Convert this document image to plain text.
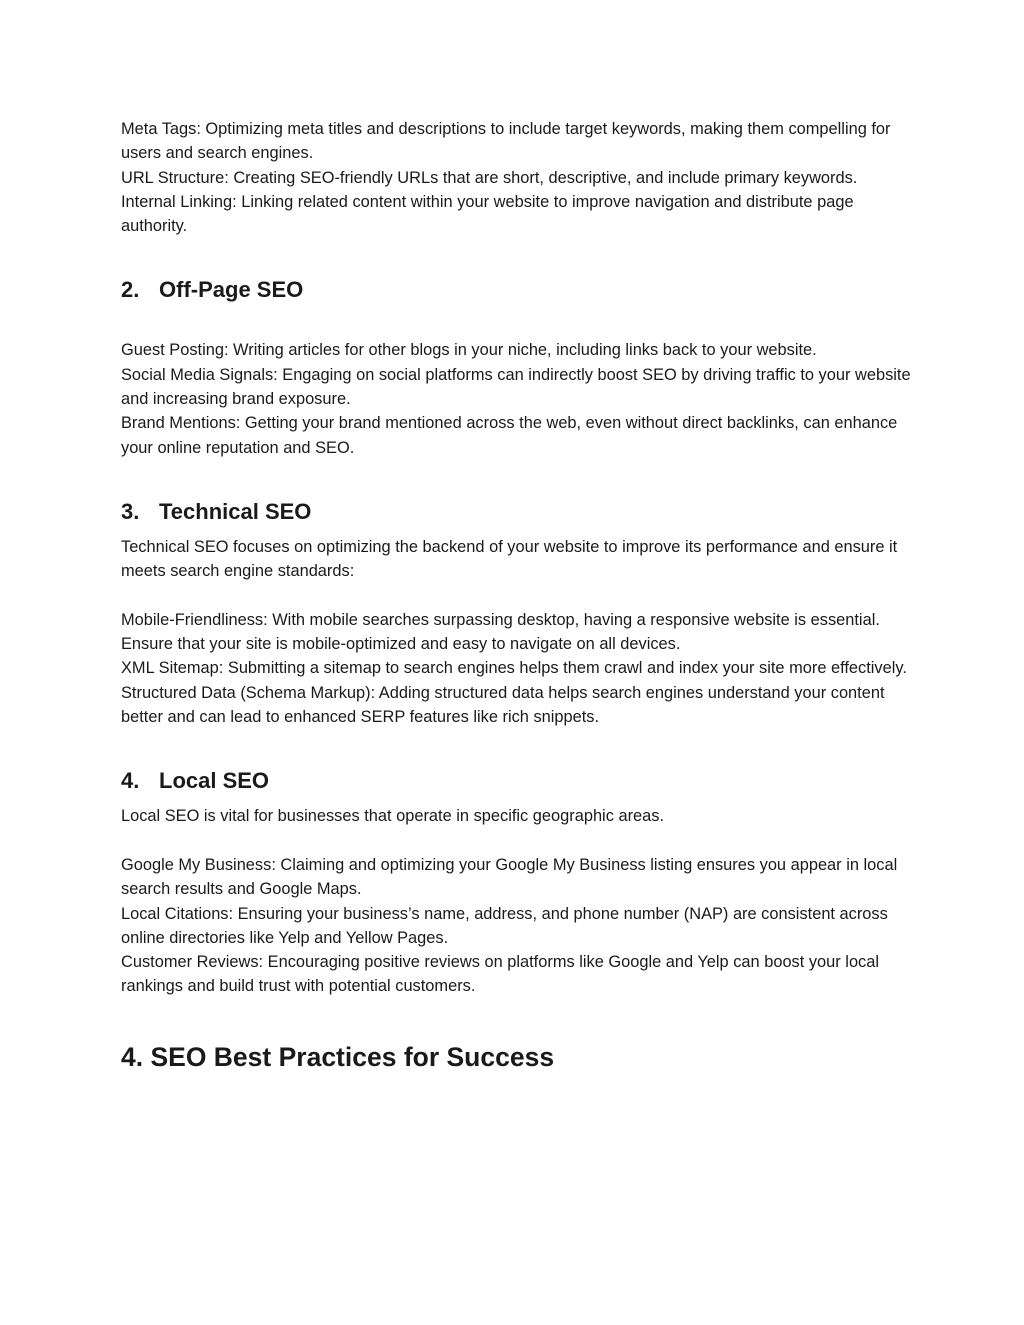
Meta Tags: Optimizing meta titles and descriptions to include target keywords, making them compelling for users and search engines.

URL Structure: Creating SEO-friendly URLs that are short, descriptive, and include primary keywords.

Internal Linking: Linking related content within your website to improve navigation and distribute page authority.

2. Off-Page SEO

Guest Posting: Writing articles for other blogs in your niche, including links back to your website.

Social Media Signals: Engaging on social platforms can indirectly boost SEO by driving traffic to your website and increasing brand exposure.

Brand Mentions: Getting your brand mentioned across the web, even without direct backlinks, can enhance your online reputation and SEO.

3. Technical SEO

Technical SEO focuses on optimizing the backend of your website to improve its performance and ensure it meets search engine standards:

Mobile-Friendliness: With mobile searches surpassing desktop, having a responsive website is essential. Ensure that your site is mobile-optimized and easy to navigate on all devices.

XML Sitemap: Submitting a sitemap to search engines helps them crawl and index your site more effectively.

Structured Data (Schema Markup): Adding structured data helps search engines understand your content better and can lead to enhanced SERP features like rich snippets.

4. Local SEO

Local SEO is vital for businesses that operate in specific geographic areas.

Google My Business: Claiming and optimizing your Google My Business listing ensures you appear in local search results and Google Maps.

Local Citations: Ensuring your business’s name, address, and phone number (NAP) are consistent across online directories like Yelp and Yellow Pages.

Customer Reviews: Encouraging positive reviews on platforms like Google and Yelp can boost your local rankings and build trust with potential customers.

4. SEO Best Practices for Success
